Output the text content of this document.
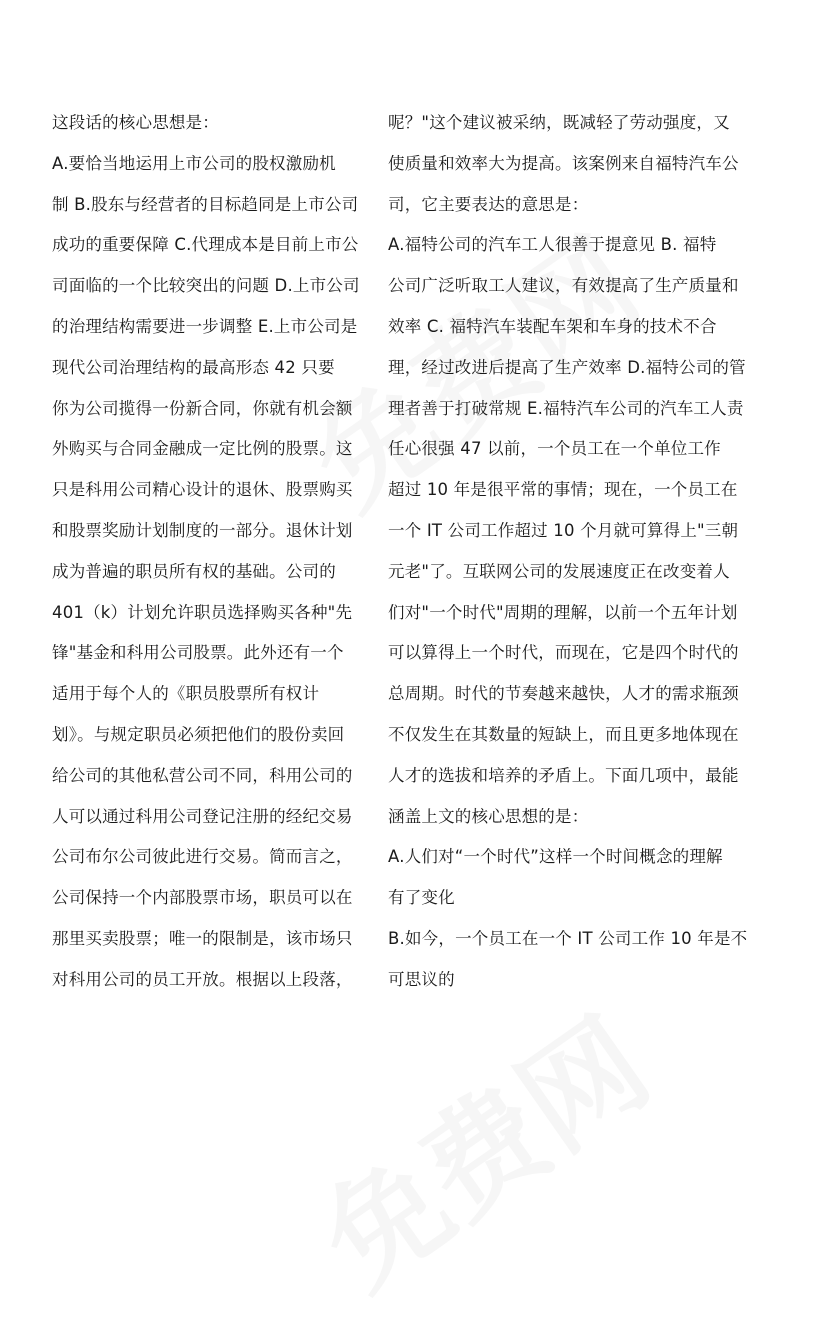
这段话的核心思想是：
A.要恰当地运用上市公司的股权激励机
制 B.股东与经营者的目标趋同是上市公司
成功的重要保障 C.代理成本是目前上市公
司面临的一个比较突出的问题 D.上市公司
的治理结构需要进一步调整 E.上市公司是
现代公司治理结构的最高形态 42 只要
你为公司揽得一份新合同，你就有机会额
外购买与合同金融成一定比例的股票。这
只是科用公司精心设计的退休、股票购买
和股票奖励计划制度的一部分。退休计划
成为普遍的职员所有权的基础。公司的
401（k）计划允许职员选择购买各种"先
锋"基金和科用公司股票。此外还有一个
适用于每个人的《职员股票所有权计
划》。与规定职员必须把他们的股份卖回
给公司的其他私营公司不同，科用公司的
人可以通过科用公司登记注册的经纪交易
公司布尔公司彼此进行交易。简而言之，
公司保持一个内部股票市场，职员可以在
那里买卖股票；唯一的限制是，该市场只
对科用公司的员工开放。根据以上段落，
呢？"这个建议被采纳，既减轻了劳动强度，又
使质量和效率大为提高。该案例来自福特汽车公
司，它主要表达的意思是：
A.福特公司的汽车工人很善于提意见 B. 福特
公司广泛听取工人建议，有效提高了生产质量和
效率 C. 福特汽车装配车架和车身的技术不合
理，经过改进后提高了生产效率 D.福特公司的管
理者善于打破常规 E.福特汽车公司的汽车工人责
任心很强 47 以前，一个员工在一个单位工作
超过 10 年是很平常的事情；现在，一个员工在
一个 IT 公司工作超过 10 个月就可算得上"三朝
元老"了。互联网公司的发展速度正在改变着人
们对"一个时代"周期的理解，以前一个五年计划
可以算得上一个时代，而现在，它是四个时代的
总周期。时代的节奏越来越快，人才的需求瓶颈
不仅发生在其数量的短缺上，而且更多地体现在
人才的选拔和培养的矛盾上。下面几项中，最能
涵盖上文的核心思想的是：
A.人们对“一个时代”这样一个时间概念的理解
有了变化
B.如今，一个员工在一个 IT 公司工作 10 年是不
可思议的
